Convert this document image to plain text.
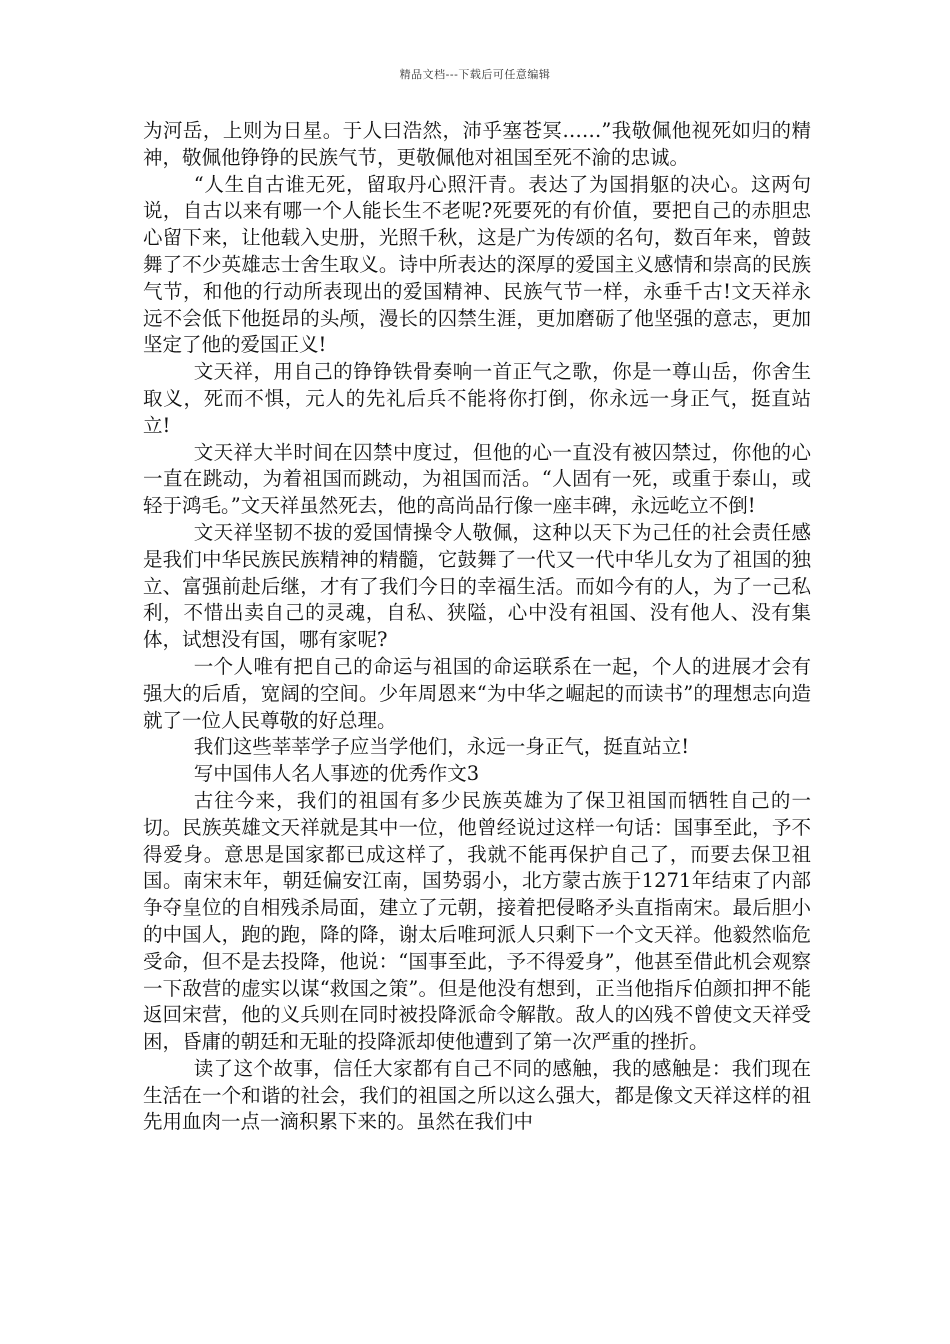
精品文档---下载后可任意编辑

为河岳，上则为日星。于人曰浩然，沛乎塞苍冥……”我敬佩他视死如归的精神，敬佩他铮铮的民族气节，更敬佩他对祖国至死不渝的忠诚。

“人生自古谁无死，留取丹心照汗青。表达了为国捐躯的决心。这两句说，自古以来有哪一个人能长生不老呢?死要死的有价值，要把自己的赤胆忠心留下来，让他载入史册，光照千秋，这是广为传颂的名句，数百年来，曾鼓舞了不少英雄志士舍生取义。诗中所表达的深厚的爱国主义感情和崇高的民族气节，和他的行动所表现出的爱国精神、民族气节一样，永垂千古!文天祥永远不会低下他挺昂的头颅，漫长的囚禁生涯，更加磨砺了他坚强的意志，更加坚定了他的爱国正义!

文天祥，用自己的铮铮铁骨奏响一首正气之歌，你是一尊山岳，你舍生取义，死而不惧，元人的先礼后兵不能将你打倒，你永远一身正气，挺直站立!

文天祥大半时间在囚禁中度过，但他的心一直没有被囚禁过，你他的心一直在跳动，为着祖国而跳动，为祖国而活。“人固有一死，或重于泰山，或轻于鸿毛。”文天祥虽然死去，他的高尚品行像一座丰碑，永远屹立不倒!

文天祥坚韧不拔的爱国情操令人敬佩，这种以天下为己任的社会责任感是我们中华民族民族精神的精髓，它鼓舞了一代又一代中华儿女为了祖国的独立、富强前赴后继，才有了我们今日的幸福生活。而如今有的人，为了一己私利，不惜出卖自己的灵魂，自私、狭隘，心中没有祖国、没有他人、没有集体，试想没有国，哪有家呢?

一个人唯有把自己的命运与祖国的命运联系在一起，个人的进展才会有强大的后盾，宽阔的空间。少年周恩来“为中华之崛起的而读书”的理想志向造就了一位人民尊敬的好总理。

我们这些莘莘学子应当学他们，永远一身正气，挺直站立!

写中国伟人名人事迹的优秀作文3

古往今来，我们的祖国有多少民族英雄为了保卫祖国而牺牲自己的一切。民族英雄文天祥就是其中一位，他曾经说过这样一句话：国事至此，予不得爱身。意思是国家都已成这样了，我就不能再保护自己了，而要去保卫祖国。南宋末年，朝廷偏安江南，国势弱小，北方蒙古族于1271年结束了内部争夺皇位的自相残杀局面，建立了元朝，接着把侵略矛头直指南宋。最后胆小的中国人，跑的跑，降的降，谢太后唯珂派人只剩下一个文天祥。他毅然临危受命，但不是去投降，他说：“国事至此，予不得爱身”，他甚至借此机会观察一下敌营的虚实以谋“救国之策”。但是他没有想到，正当他指斥伯颜扣押不能返回宋营，他的义兵则在同时被投降派命令解散。敌人的凶残不曾使文天祥受困，昏庸的朝廷和无耻的投降派却使他遭到了第一次严重的挫折。

读了这个故事，信任大家都有自己不同的感触，我的感触是：我们现在生活在一个和谐的社会，我们的祖国之所以这么强大，都是像文天祥这样的祖先用血肉一点一滴积累下来的。虽然在我们中
